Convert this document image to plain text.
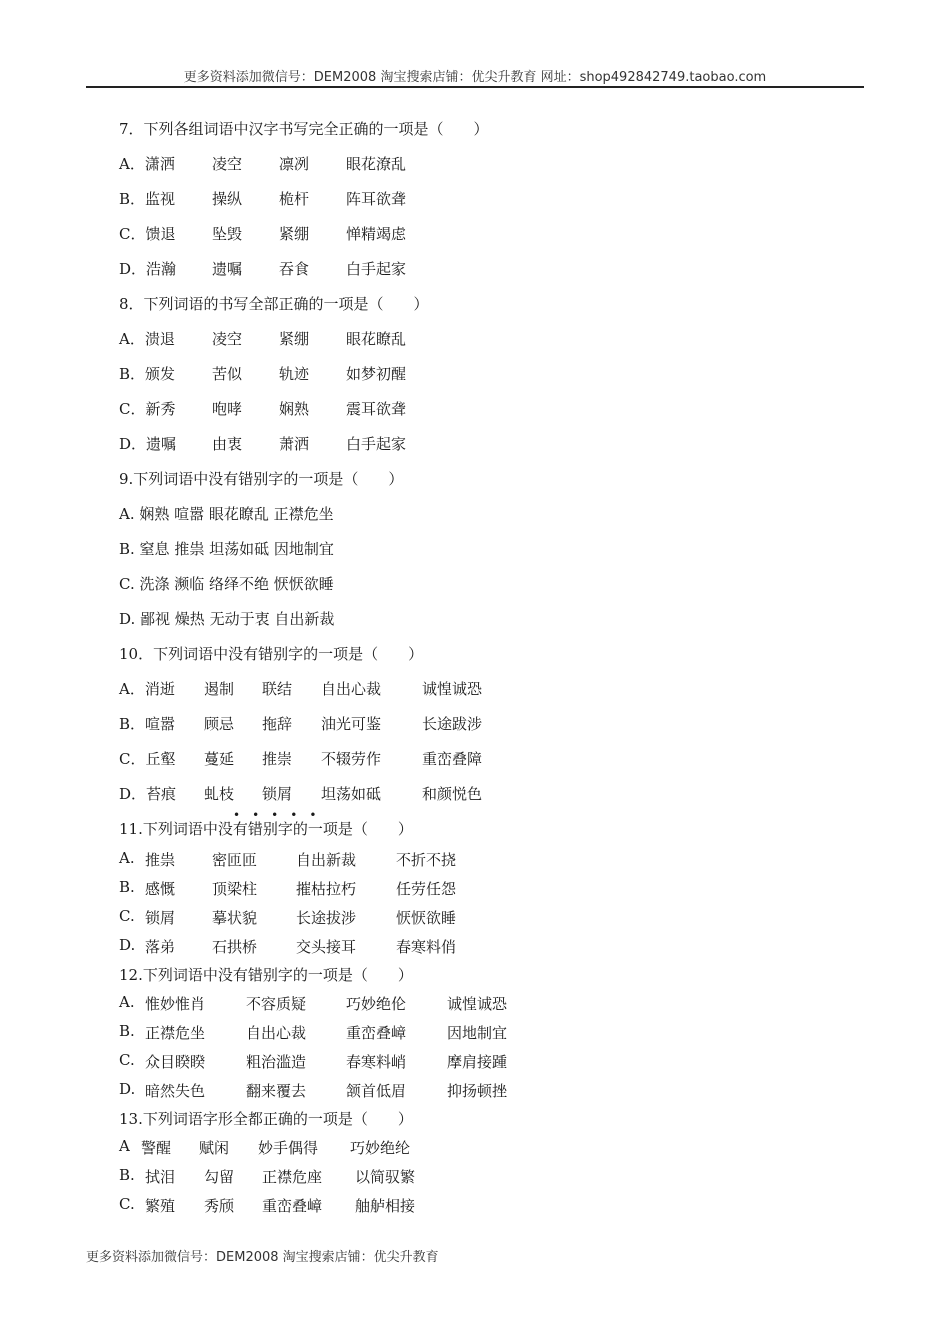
更多资料添加微信号：DEM2008 淘宝搜索店铺：优尖升教育 网址：shop492842749.taobao.com
7．下列各组词语中汉字书写完全正确的一项是（　　）
A．潇洒 凌空 凛冽 眼花潦乱
B．监视 操纵 桅杆 阵耳欲聋
C．馈退 坠毁 紧绷 惮精竭虑
D．浩瀚 遗嘱 吞食 白手起家
8．下列词语的书写全部正确的一项是（　　）
A．溃退 凌空 紧绷 眼花瞭乱
B．颁发 苦似 轨迹 如梦初醒
C．新秀 咆哮 娴熟 震耳欲聋
D．遗嘱 由衷 萧洒 白手起家
9.下列词语中没有错别字的一项是（　　）
A. 娴熟 喧嚣 眼花瞭乱 正襟危坐
B. 窒息 推祟 坦荡如砥 因地制宜
C. 洗涤 濒临 络绎不绝 恹恹欲睡
D. 鄙视 燥热 无动于衷 自出新裁
10．下列词语中没有错别字的一项是（　　）
A．消逝 遏制 联结 自出心裁	诚惶诚恐
B．喧嚣 顾忌 拖辞 油光可鉴	长途跋涉
C．丘壑 蔓延 推崇 不辍劳作	重峦叠障
D．苔痕 虬枝 锁屑 坦荡如砥	和颜悦色
•••••
11.下列词语中没有错别字的一项是（　　）
A. 推祟 密匝匝	自出新裁	不折不挠
B. 感慨 顶梁柱	摧枯拉朽	任劳任怨
C. 锁屑 摹状貌	长途拔涉	恹恹欲睡
D. 落弟 石拱桥	交头接耳	春寒料俏
12.下列词语中没有错别字的一项是（　　）
A. 惟妙惟肖	不容质疑	巧妙绝伦	诚惶诚恐
B. 正襟危坐	自出心裁	重峦叠嶂	因地制宜
C. 众目睽睽	粗治滥造	春寒料峭	摩肩接踵
D. 暗然失色	翻来覆去	颔首低眉	抑扬顿挫
13.下列词语字形全都正确的一项是（　　）
A 警醒 赋闲 妙手偶得 巧妙绝纶
B. 拭泪 勾留 正襟危座 以简驭繁
C. 繁殖 秀颀 重峦叠嶂 舳舻相接
更多资料添加微信号：DEM2008 淘宝搜索店铺：优尖升教育
